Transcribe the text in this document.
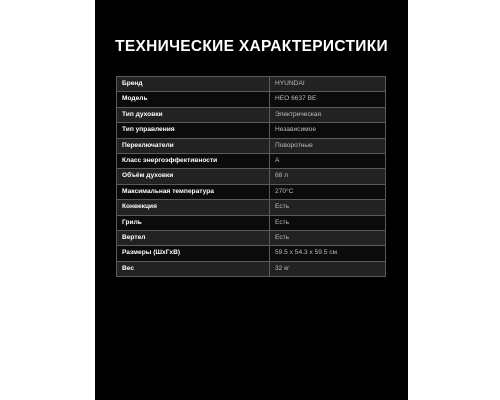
ТЕХНИЧЕСКИЕ ХАРАКТЕРИСТИКИ
Бренд	HYUNDAI
Модель	HEO 6637 BE
Тип духовки	Электрическая
Тип управления	Независимое
Переключатели	Поворотные
Класс энергоэффективности	A
Объём духовки	68 л
Максимальная температура	270°C
Конвекция	Есть
Гриль	Есть
Вертел	Есть
Размеры (ШхГхВ)	59.5 x 54.3 x 59.5 см
Вес	32 кг
